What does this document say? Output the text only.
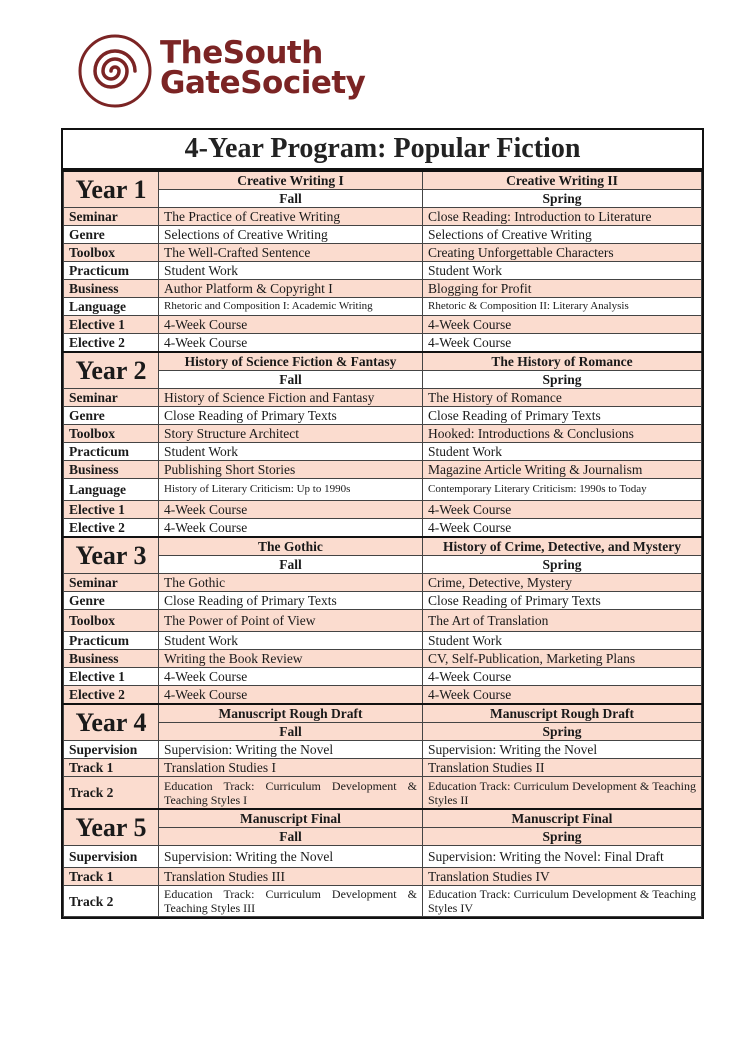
TheSouth
GateSociety
4-Year Program: Popular Fiction
Year 1	Creative Writing I	Creative Writing II
	Fall	Spring
Seminar	The Practice of Creative Writing	Close Reading: Introduction to Literature
Genre	Selections of Creative Writing	Selections of Creative Writing
Toolbox	The Well-Crafted Sentence	Creating Unforgettable Characters
Practicum	Student Work	Student Work
Business	Author Platform & Copyright I	Blogging for Profit
Language	Rhetoric and Composition I: Academic Writing	Rhetoric & Composition II: Literary Analysis
Elective 1	4-Week Course	4-Week Course
Elective 2	4-Week Course	4-Week Course
Year 2	History of Science Fiction & Fantasy	The History of Romance
	Fall	Spring
Seminar	History of Science Fiction and Fantasy	The History of Romance
Genre	Close Reading of Primary Texts	Close Reading of Primary Texts
Toolbox	Story Structure Architect	Hooked: Introductions & Conclusions
Practicum	Student Work	Student Work
Business	Publishing Short Stories	Magazine Article Writing & Journalism
Language	History of Literary Criticism: Up to 1990s	Contemporary Literary Criticism: 1990s to Today
Elective 1	4-Week Course	4-Week Course
Elective 2	4-Week Course	4-Week Course
Year 3	The Gothic	History of Crime, Detective, and Mystery
	Fall	Spring
Seminar	The Gothic	Crime, Detective, Mystery
Genre	Close Reading of Primary Texts	Close Reading of Primary Texts
Toolbox	The Power of Point of View	The Art of Translation
Practicum	Student Work	Student Work
Business	Writing the Book Review	CV, Self-Publication, Marketing Plans
Elective 1	4-Week Course	4-Week Course
Elective 2	4-Week Course	4-Week Course
Year 4	Manuscript Rough Draft	Manuscript Rough Draft
	Fall	Spring
Supervision	Supervision: Writing the Novel	Supervision: Writing the Novel
Track 1	Translation Studies I	Translation Studies II
Track 2	Education Track: Curriculum Development & Teaching Styles I	Education Track: Curriculum Development & Teaching Styles II
Year 5	Manuscript Final	Manuscript Final
	Fall	Spring
Supervision	Supervision: Writing the Novel	Supervision: Writing the Novel: Final Draft
Track 1	Translation Studies III	Translation Studies IV
Track 2	Education Track: Curriculum Development & Teaching Styles III	Education Track: Curriculum Development & Teaching Styles IV
